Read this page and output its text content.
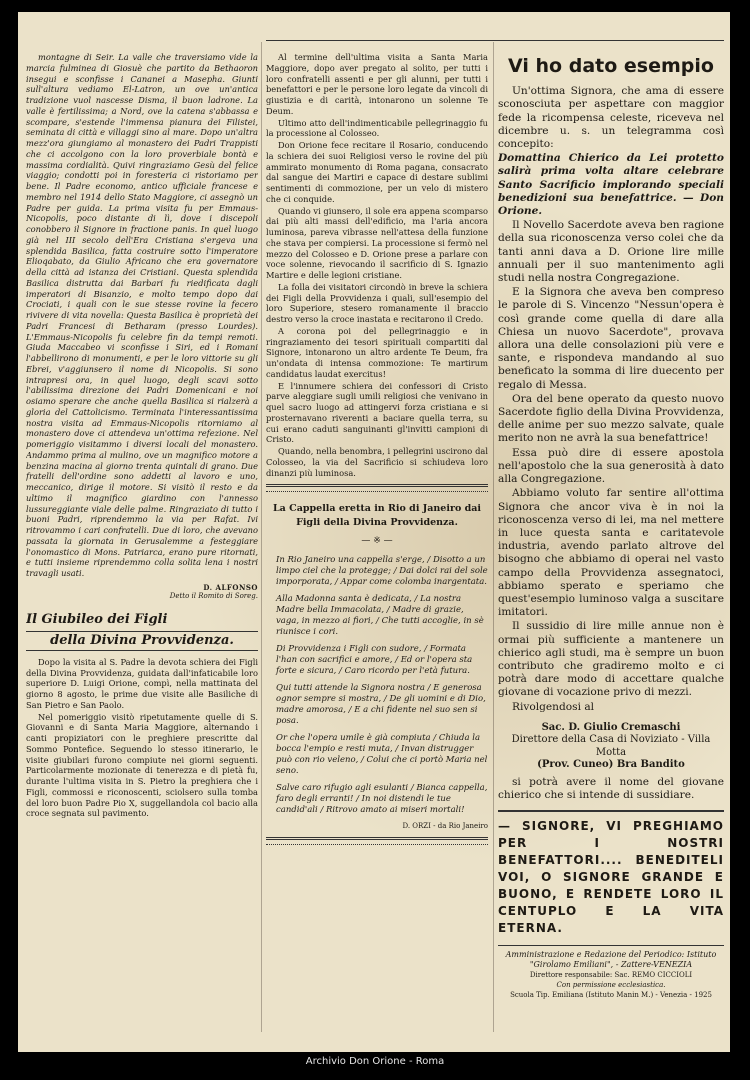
montagne di Seir. La valle che traversiamo vide la marcia fulminea di Giosuè che partito da Bethaoron insegui e sconfisse i Cananei a Masepha. Giunti sull'altura vediamo El-Latron, un ove un'antica tradizione vuol nascesse Disma, il buon ladrone. La valle è fertilissima; a Nord, ove la catena s'abbassa e scompare, s'estende l'immensa pianura dei Filistei, seminata di città e villaggi sino al mare. Dopo un'altra mezz'ora giungiamo al monastero dei Padri Trappisti che ci accolgono con la loro proverbiale bontà e massima cordialità. Quivi ringraziamo Gesù del felice viaggio; condotti poi in foresteria ci ristoriamo per bene. Il Padre economo, antico ufficiale francese e membro nel 1914 dello Stato Maggiore, ci assegnò un Padre per guida. La prima visita fu per Emmaus-Nicopolis, poco distante di lì, dove i discepoli conobbero il Signore in fractione panis. In quel luogo già nel III secolo dell'Era Cristiana s'ergeva una splendida Basilica, fatta costruire sotto l'imperatore Elioqabato, da Giulio Africano che era governatore della città ad istanza dei Cristiani. Questa splendida Basilica distrutta dai Barbari fu riedificata dagli imperatori di Bisanzio, e molto tempo dopo dai Crociati, i quali con le sue stesse rovine la fecero rivivere di vita novella: Questa Basilica è proprietà dei Padri Francesi di Betharam (presso Lourdes). L'Emmaus-Nicopolis fu celebre fin da tempi remoti. Giuda Maccabeo vi sconfisse i Siri, ed i Romani l'abbellirono di monumenti, e per le loro vittorie su gli Ebrei, v'aggiunsero il nome di Nicopolis. Si sono intrapresi ora, in quel luogo, degli scavi sotto l'abilissima direzione dei Padri Domenicani e noi osiamo sperare che anche quella Basilica si rialzerà a gloria del Cattolicismo. Terminata l'interessantissima nostra visita ad Emmaus-Nicopolis ritorniamo al monastero dove ci attendeva un'ottima refezione. Nel pomeriggio visitammo i diversi locali del monastero. Andammo prima al mulino, ove un magnifico motore a benzina macina al giorno trenta quintali di grano. Due fratelli dell'ordine sono addetti al lavoro e uno, meccanico, dirige il motore. Si visitò il resto e da ultimo il magnifico giardino con l'annesso lussureggiante viale delle palme. Ringraziato di tutto i buoni Padri, riprendemmo la via per Rafat. Ivi ritrovammo i cari confratelli. Due di loro, che avevano passata la giornata in Gerusalemme a festeggiare l'onomastico di Mons. Patriarca, erano pure ritornati, e tutti insieme riprendemmo colla solita lena i nostri travagli usati.

D. ALFONSO
Detto il Romito di Soreg.
Il Giubileo dei Figli
della Divina Provvidenza.

Dopo la visita al S. Padre la devota schiera dei Figli della Divina Provvidenza, guidata dall'infaticabile loro superiore D. Luigi Orione, compì, nella mattinata del giorno 8 agosto, le prime due visite alle Basiliche di San Pietro e San Paolo.

Nel pomeriggio visitò ripetutamente quelle di S. Giovanni e di Santa Maria Maggiore, alternando i canti propiziatori con le preghiere prescritte dal Sommo Pontefice. Seguendo lo stesso itinerario, le visite giubilari furono compiute nei giorni seguenti. Particolarmente mozionate di tenerezza e di pietà fu, durante l'ultima visita in S. Pietro la preghiera che i Figli, commossi e riconoscenti, sciolsero sulla tomba del loro buon Padre Pio X, suggellandola col bacio alla croce segnata sul pavimento.

Al termine dell'ultima visita a Santa Maria Maggiore, dopo aver pregato al solito, per tutti i loro confratelli assenti e per gli alunni, per tutti i benefattori e per le persone loro legate da vincoli di giustizia e di carità, intonarono un solenne Te Deum.

Ultimo atto dell'indimenticabile pellegrinaggio fu la processione al Colosseo.

Don Orione fece recitare il Rosario, conducendo la schiera dei suoi Religiosi verso le rovine del più ammirato monumento di Roma pagana, consacrato dal sangue dei Martiri e capace di destare sublimi sentimenti di commozione, per un velo di mistero che ci conquide.

Quando vi giunsero, il sole era appena scomparso dai più alti massi dell'edificio, ma l'aria ancora luminosa, pareva vibrasse nell'attesa della funzione che stava per compiersi. La processione si fermò nel mezzo del Colosseo e D. Orione prese a parlare con voce solenne, rievocando il sacrificio di S. Ignazio Martire e delle legioni cristiane.

La folla dei visitatori circondò in breve la schiera dei Figli della Provvidenza i quali, sull'esempio del loro Superiore, stesero romanamente il braccio destro verso la croce inastata e recitarono il Credo.

A corona poi del pellegrinaggio e in ringraziamento dei tesori spirituali compartiti dal Signore, intonarono un altro ardente Te Deum, fra un'ondata di intensa commozione: Te martirum candidatus laudat exercitus!

E l'innumere schiera dei confessori di Cristo parve aleggiare sugli umili religiosi che venivano in quel sacro luogo ad attingervi forza cristiana e si prosternavano riverenti a baciare quella terra, su cui erano caduti sanguinanti gl'invitti campioni di Cristo.

Quando, nella benombra, i pellegrini uscirono dal Colosseo, la via del Sacrificio si schiudeva loro dinanzi più luminosa.

La Cappella eretta in Rio di Janeiro dai Figli della Divina Provvidenza.
— ※ —
In Rio Janeiro una cappella s'erge, / Disotto a un limpo ciel che la protegge; / Dai dolci rai del sole imporporata, / Appar come colomba inargentata.
Alla Madonna santa è dedicata, / La nostra Madre bella Immacolata, / Madre di grazie, vaga, in mezzo ai fiori, / Che tutti accoglie, in sè riunisce i cori.
Di Provvidenza i Figli con sudore, / Formata l'han con sacrifici e amore, / Ed or l'opera sta forte e sicura, / Caro ricordo per l'età futura.
Qui tutti attende la Signora nostra / E generosa ognor sempre si mostra, / De gli uomini e di Dio, madre amorosa, / E a chi fidente nel suo sen si posa.
Or che l'opera umile è già compiuta / Chiuda la bocca l'empio e resti muta, / Invan distrugger può con rio veleno, / Colui che ci portò Maria nel seno.
Salve caro rifugio agli esulanti / Bianca cappella, faro degli erranti! / In noi distendi le tue candid'ali / Ritrovo amato ai miseri mortali!
D. ORZI - da Rio Janeiro
Vi ho dato esempio

Un'ottima Signora, che ama di essere sconosciuta per aspettare con maggior fede la ricompensa celeste, riceveva nel dicembre u. s. un telegramma così concepito:

Domattina Chierico da Lei protetto salirà prima volta altare celebrare Santo Sacrificio implorando speciali benedizioni sua benefattrice. — Don Orione.

Il Novello Sacerdote aveva ben ragione della sua riconoscenza verso colei che da tanti anni dava a D. Orione lire mille annuali per il suo mantenimento agli studi nella nostra Congregazione.

E la Signora che aveva ben compreso le parole di S. Vincenzo "Nessun'opera è così grande come quella di dare alla Chiesa un nuovo Sacerdote", provava allora una delle consolazioni più vere e sante, e rispondeva mandando al suo beneficato la somma di lire duecento per regalo di Messa.

Ora del bene operato da questo nuovo Sacerdote figlio della Divina Provvidenza, delle anime per suo mezzo salvate, quale merito non ne avrà la sua benefattrice!

Essa può dire di essere apostola nell'apostolo che la sua generosità à dato alla Congregazione.

Abbiamo voluto far sentire all'ottima Signora che ancor viva è in noi la riconoscenza verso di lei, ma nel mettere in luce questa santa e caritatevole industria, avendo parlato altrove del bisogno che abbiamo di operai nel vasto campo della Provvidenza assegnatoci, abbiamo sperato e speriamo che quest'esempio luminoso valga a suscitare imitatori.

Il sussidio di lire mille annue non è ormai più sufficiente a mantenere un chierico agli studi, ma è sempre un buon contributo che gradiremo molto e ci potrà dare modo di accettare qualche giovane di vocazione privo di mezzi.

Rivolgendosi al

Sac. D. Giulio Cremaschi
Direttore della Casa di Noviziato - Villa Motta
(Prov. Cuneo) Bra Bandito

si potrà avere il nome del giovane chierico che si intende di sussidiare.

— SIGNORE, VI PREGHIAMO PER I NOSTRI BENEFATTORI.... BENEDITELI VOI, O SIGNORE GRANDE E BUONO, E RENDETE LORO IL CENTUPLO E LA VITA ETERNA.
Amministrazione e Redazione del Periodico: Istituto "Girolamo Emiliani", - Zattere-VENEZIA
Direttore responsabile: Sac. REMO CICCIOLI
Con permissione ecclesiastica.
Scuola Tip. Emiliana (Istituto Manin M.) - Venezia - 1925
Archivio Don Orione - Roma
